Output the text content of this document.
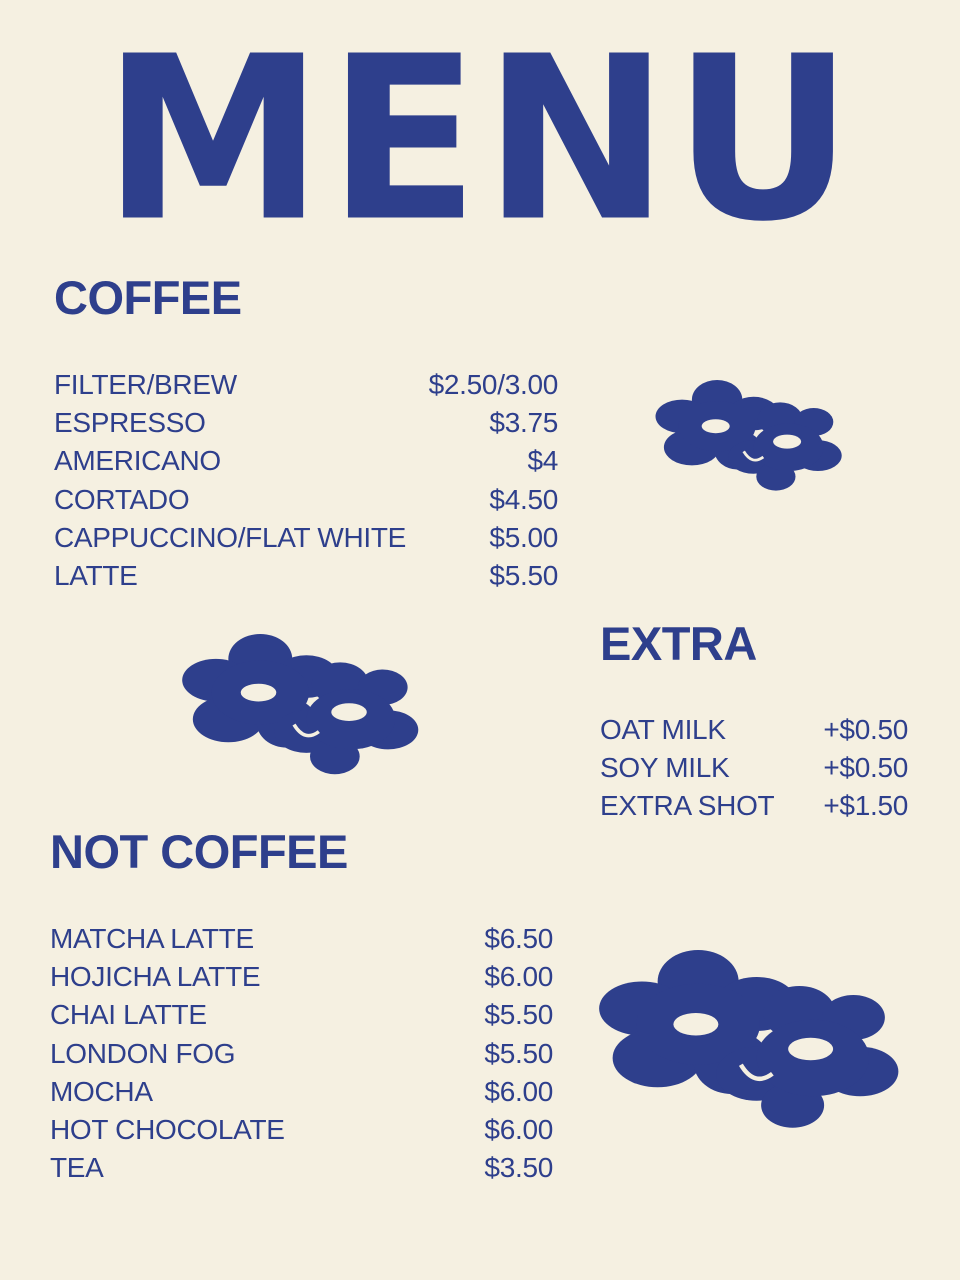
MENU
COFFEE
FILTER/BREW	$2.50/3.00
ESPRESSO	$3.75
AMERICANO	$4
CORTADO	$4.50
CAPPUCCINO/FLAT WHITE	$5.00
LATTE	$5.50
EXTRA
OAT MILK	+$0.50
SOY MILK	+$0.50
EXTRA SHOT +$1.50
NOT COFFEE
MATCHA LATTE	$6.50
HOJICHA LATTE	$6.00
CHAI LATTE	$5.50
LONDON FOG	$5.50
MOCHA	$6.00
HOT CHOCOLATE	$6.00
TEA	$3.50
